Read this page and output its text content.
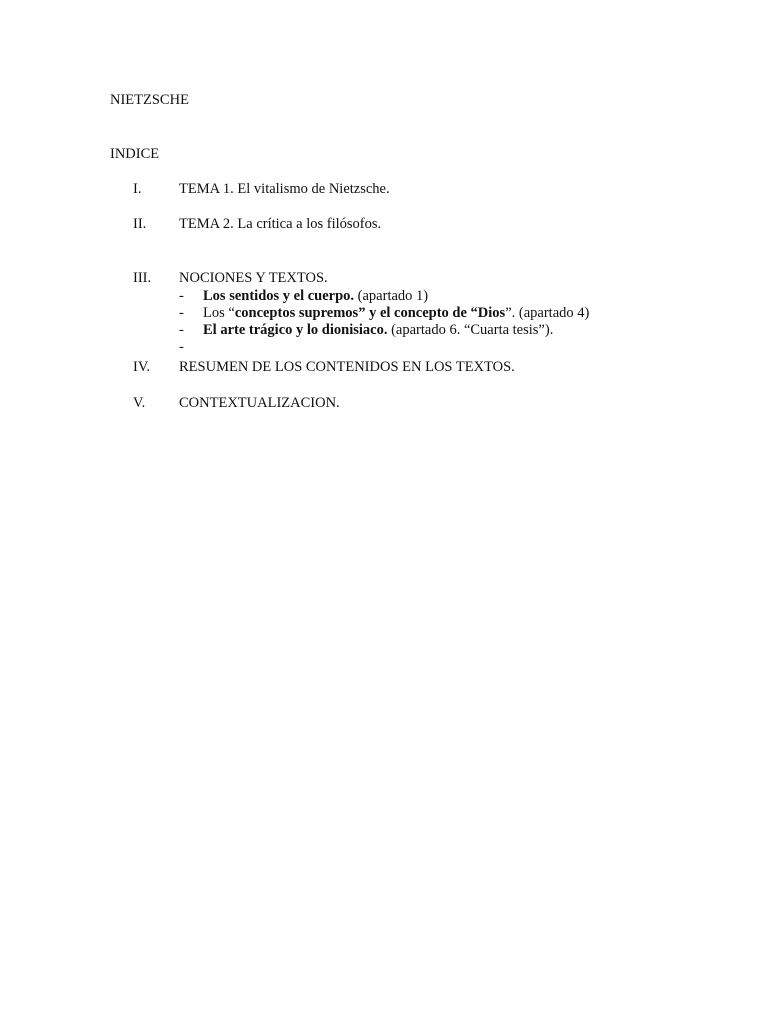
NIETZSCHE
INDICE
I.	TEMA 1. El vitalismo de Nietzsche.
II. TEMA 2. La crítica a los filósofos.
III. NOCIONES Y TEXTOS.
- Los sentidos y el cuerpo. (apartado 1)
- Los “conceptos supremos” y el concepto de “Dios”. (apartado 4)
- El arte trágico y lo dionisiaco. (apartado 6. “Cuarta tesis”).
-
IV. RESUMEN DE LOS CONTENIDOS EN LOS TEXTOS.
V. CONTEXTUALIZACION.
